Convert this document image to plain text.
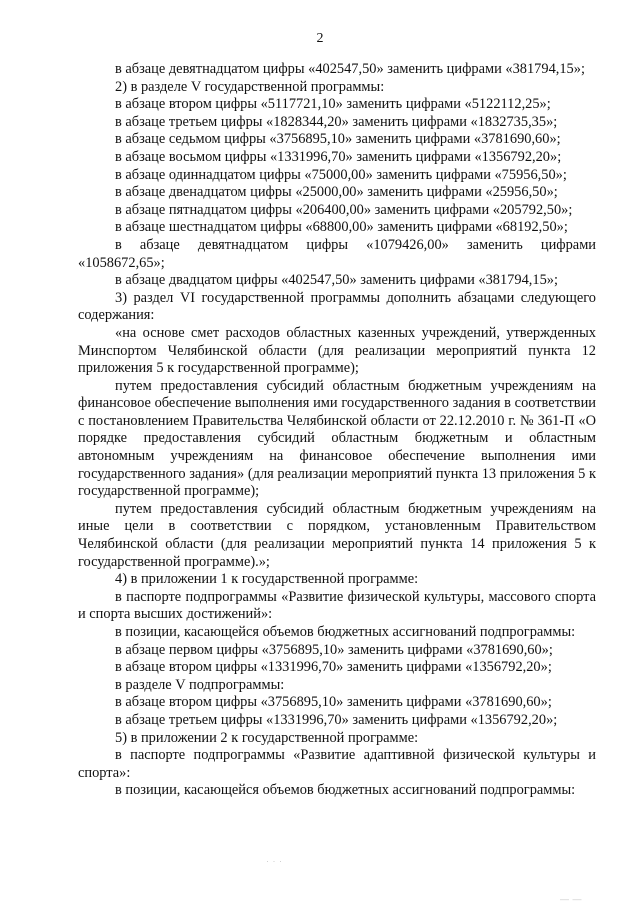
2

в абзаце девятнадцатом цифры «402547,50» заменить цифрами «381794,15»;

2) в разделе V государственной программы:

в абзаце втором цифры «5117721,10» заменить цифрами «5122112,25»;

в абзаце третьем цифры «1828344,20» заменить цифрами «1832735,35»;

в абзаце седьмом цифры «3756895,10» заменить цифрами «3781690,60»;

в абзаце восьмом цифры «1331996,70» заменить цифрами «1356792,20»;

в абзаце одиннадцатом цифры «75000,00» заменить цифрами «75956,50»;

в абзаце двенадцатом цифры «25000,00» заменить цифрами «25956,50»;

в абзаце пятнадцатом цифры «206400,00» заменить цифрами «205792,50»;

в абзаце шестнадцатом цифры «68800,00» заменить цифрами «68192,50»;

в абзаце девятнадцатом цифры «1079426,00» заменить цифрами «1058672,65»;

в абзаце двадцатом цифры «402547,50» заменить цифрами «381794,15»;

3) раздел VI государственной программы дополнить абзацами следующего содержания:

«на основе смет расходов областных казенных учреждений, утвержденных Минспортом Челябинской области (для реализации мероприятий пункта 12 приложения 5 к государственной программе);

путем предоставления субсидий областным бюджетным учреждениям на финансовое обеспечение выполнения ими государственного задания в соответствии с постановлением Правительства Челябинской области от 22.12.2010 г. № 361-П «О порядке предоставления субсидий областным бюджетным и областным автономным учреждениям на финансовое обеспечение выполнения ими государственного задания» (для реализации мероприятий пункта 13 приложения 5 к государственной программе);

путем предоставления субсидий областным бюджетным учреждениям на иные цели в соответствии с порядком, установленным Правительством Челябинской области (для реализации мероприятий пункта 14 приложения 5 к государственной программе).»;

4) в приложении 1 к государственной программе:

в паспорте подпрограммы «Развитие физической культуры, массового спорта и спорта высших достижений»:

в позиции, касающейся объемов бюджетных ассигнований подпрограммы:

в абзаце первом цифры «3756895,10» заменить цифрами «3781690,60»;

в абзаце втором цифры «1331996,70» заменить цифрами «1356792,20»;

в разделе V подпрограммы:

в абзаце втором цифры «3756895,10» заменить цифрами «3781690,60»;

в абзаце третьем цифры «1331996,70» заменить цифрами «1356792,20»;

5) в приложении 2 к государственной программе:

в паспорте подпрограммы «Развитие адаптивной физической культуры и спорта»:

в позиции, касающейся объемов бюджетных ассигнований подпрограммы:

· · ·
— —
